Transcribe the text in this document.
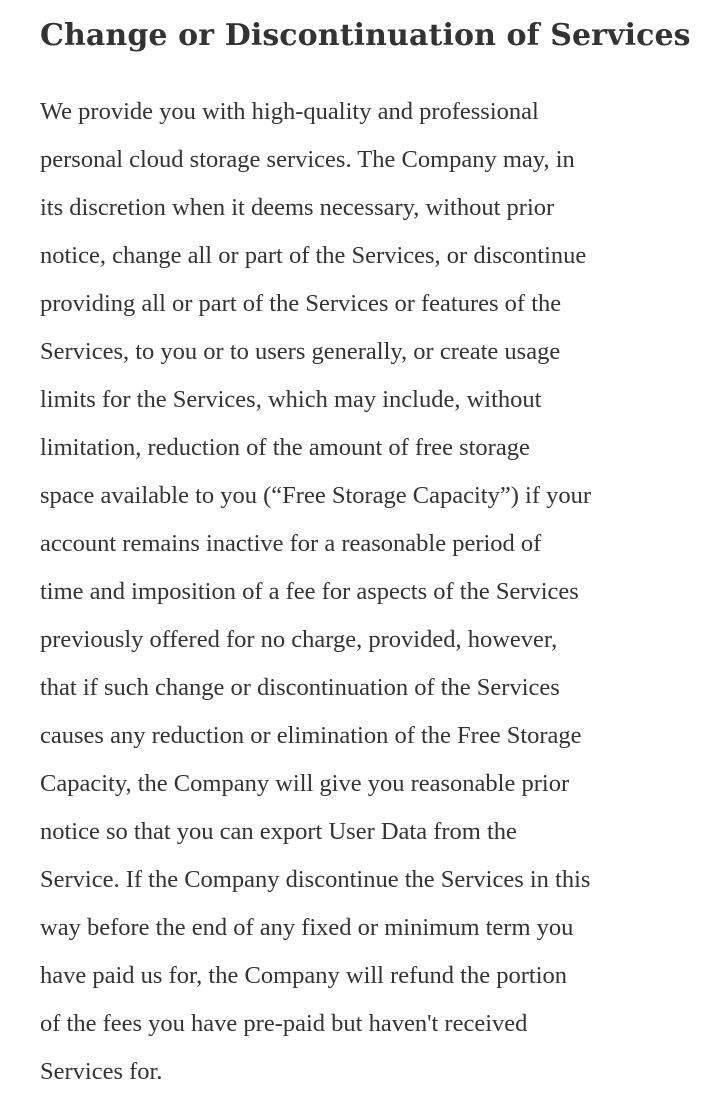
Change or Discontinuation of Services

We provide you with high-quality and professional
personal cloud storage services. The Company may, in
its discretion when it deems necessary, without prior
notice, change all or part of the Services, or discontinue
providing all or part of the Services or features of the
Services, to you or to users generally, or create usage
limits for the Services, which may include, without
limitation, reduction of the amount of free storage
space available to you (“Free Storage Capacity”) if your
account remains inactive for a reasonable period of
time and imposition of a fee for aspects of the Services
previously offered for no charge, provided, however,
that if such change or discontinuation of the Services
causes any reduction or elimination of the Free Storage
Capacity, the Company will give you reasonable prior
notice so that you can export User Data from the
Service. If the Company discontinue the Services in this
way before the end of any fixed or minimum term you
have paid us for, the Company will refund the portion
of the fees you have pre-paid but haven't received
Services for.
